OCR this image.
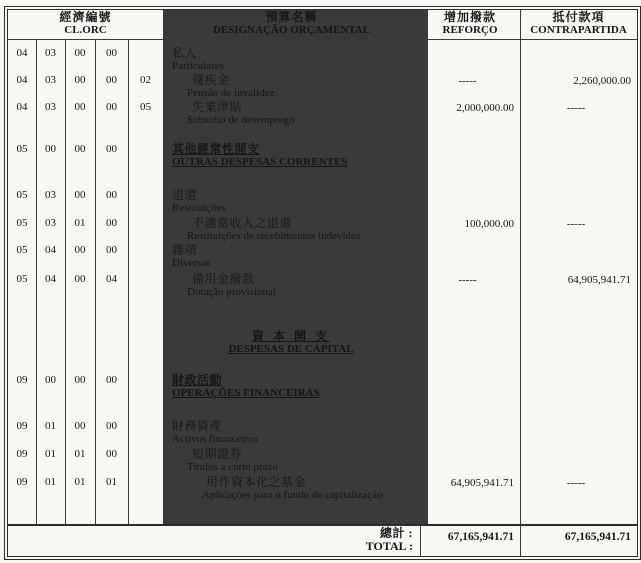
經濟編號
CL.ORC
預算名稱
DESIGNAÇÃO ORÇAMENTAL
增加撥款
REFORÇO
抵付款項
CONTRAPARTIDA
04	03	00	00	私人
Particulares
04	03	00	00	02	殘疾金
Pensão de invalidez
-----	2,260,000.00
04	03	00	00	05	失業津貼
Subsídio de desemprego
2,000,000.00	-----
05	00	00	00	其他經常性開支
OUTRAS DESPESAS CORRENTES
05	03	00	00	退還
Restituições
05	03	01	00	不適當收入之退還
Restituições de recebimentos indevidos
100,000.00	-----
05	04	00	00	雜項
Diversas
05	04	00	04	備用金撥款
Dotação provisional
-----	64,905,941.71
資 本 開 支
DESPESAS DE CAPITAL
09	00	00	00	財政活動
OPERAÇÕES FINANCEIRAS
09	01	00	00	財務資產
Activos financeiros
09	01	01	00	短期證券
Titulos a curto prazo
09	01	01	01	用作資本化之基金
Aplicações para o fundo de capitalização
64,905,941.71	-----
總計 :
TOTAL :
67,165,941.71	67,165,941.71
